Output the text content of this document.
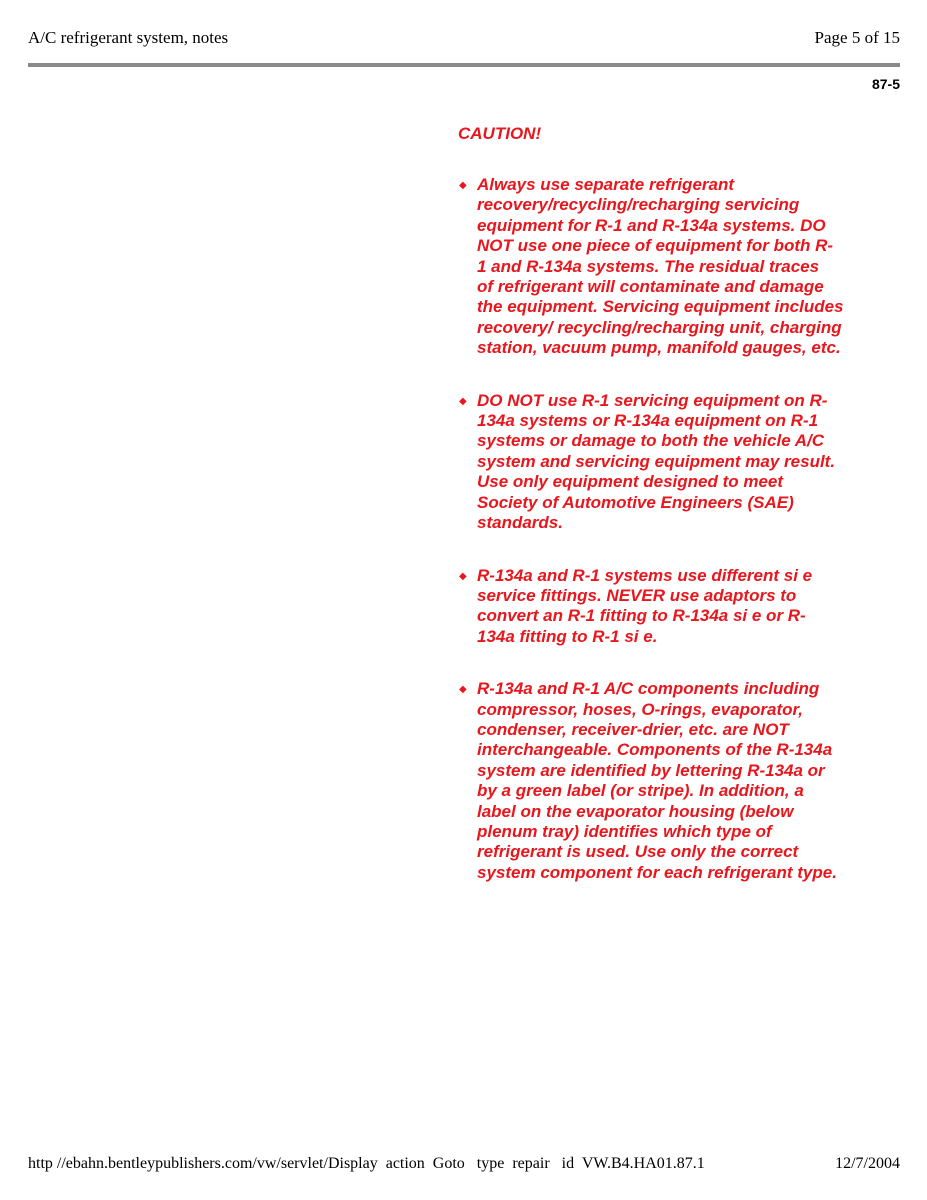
A/C refrigerant system, notes	Page 5 of 15
87-5
CAUTION!
◆ Always use separate refrigerant
recovery/recycling/recharging servicing
equipment for R-1 and R-134a systems. DO
NOT use one piece of equipment for both R-
1 and R-134a systems. The residual traces
of refrigerant will contaminate and damage
the equipment. Servicing equipment includes
recovery/ recycling/recharging unit, charging
station, vacuum pump, manifold gauges, etc.
◆ DO NOT use R-1 servicing equipment on R-
134a systems or R-134a equipment on R-1
systems or damage to both the vehicle A/C
system and servicing equipment may result.
Use only equipment designed to meet
Society of Automotive Engineers (SAE)
standards.
◆ R-134a and R-1 systems use different si e
service fittings. NEVER use adaptors to
convert an R-1 fitting to R-134a si e or R-
134a fitting to R-1 si e.
◆ R-134a and R-1 A/C components including
compressor, hoses, O-rings, evaporator,
condenser, receiver-drier, etc. are NOT
interchangeable. Components of the R-134a
system are identified by lettering R-134a or
by a green label (or stripe). In addition, a
label on the evaporator housing (below
plenum tray) identifies which type of
refrigerant is used. Use only the correct
system component for each refrigerant type.
http //ebahn.bentleypublishers.com/vw/servlet/Display  action  Goto   type  repair   id  VW.B4.HA01.87.1	12/7/2004
